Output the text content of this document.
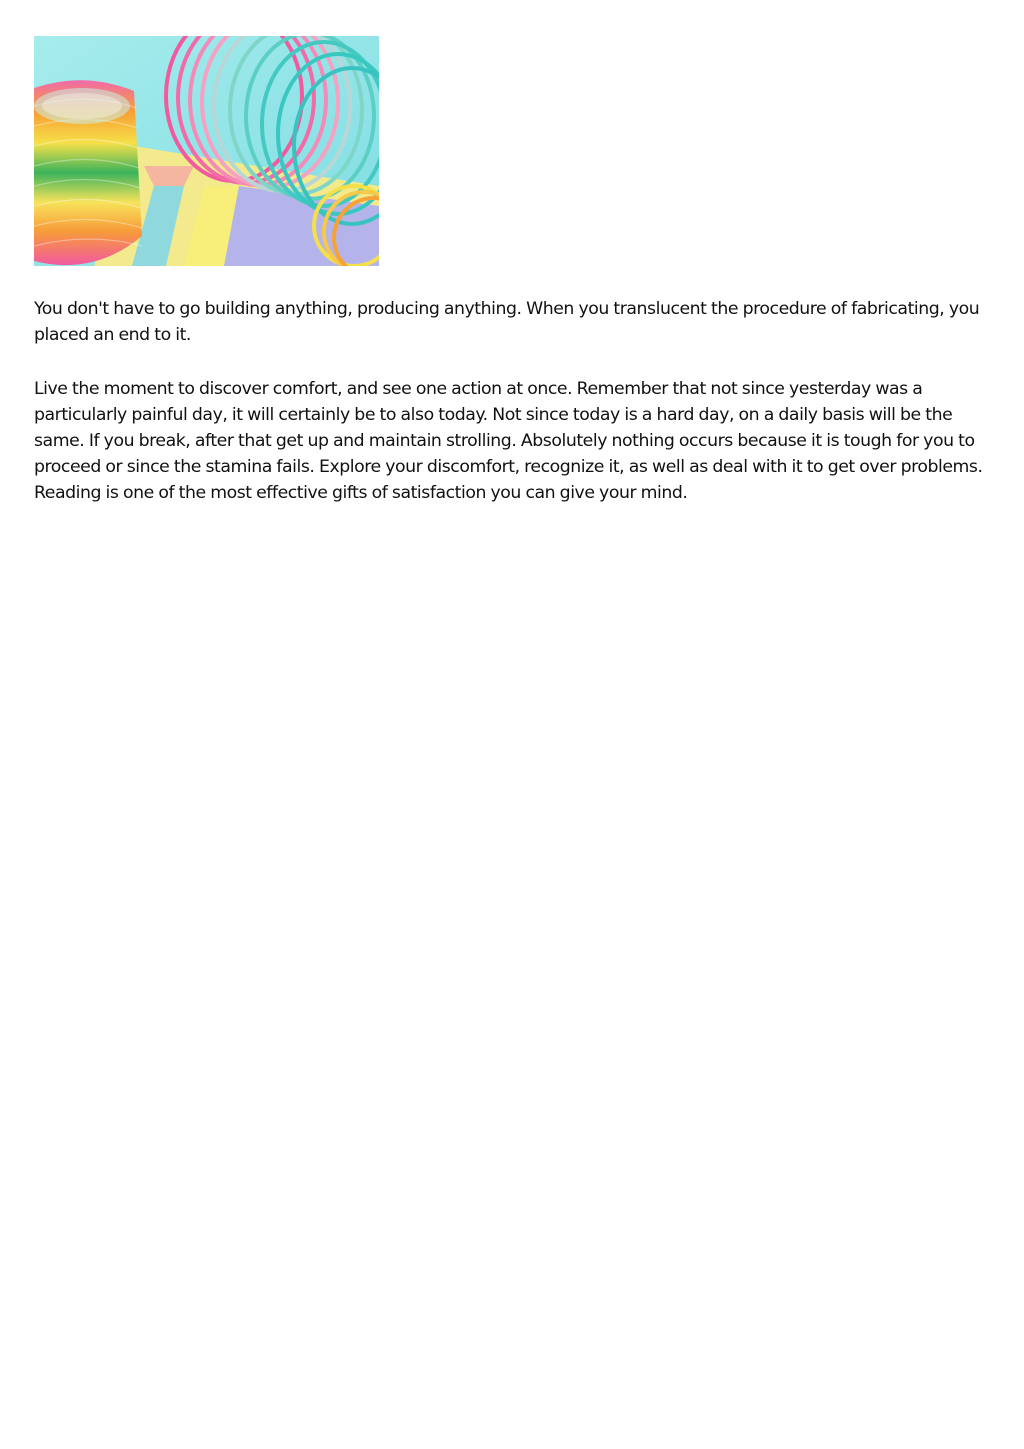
You don't have to go building anything, producing anything. When you translucent the procedure of fabricating, you placed an end to it.

Live the moment to discover comfort, and see one action at once. Remember that not since yesterday was a particularly painful day, it will certainly be to also today. Not since today is a hard day, on a daily basis will be the same. If you break, after that get up and maintain strolling. Absolutely nothing occurs because it is tough for you to proceed or since the stamina fails. Explore your discomfort, recognize it, as well as deal with it to get over problems. Reading is one of the most effective gifts of satisfaction you can give your mind.
